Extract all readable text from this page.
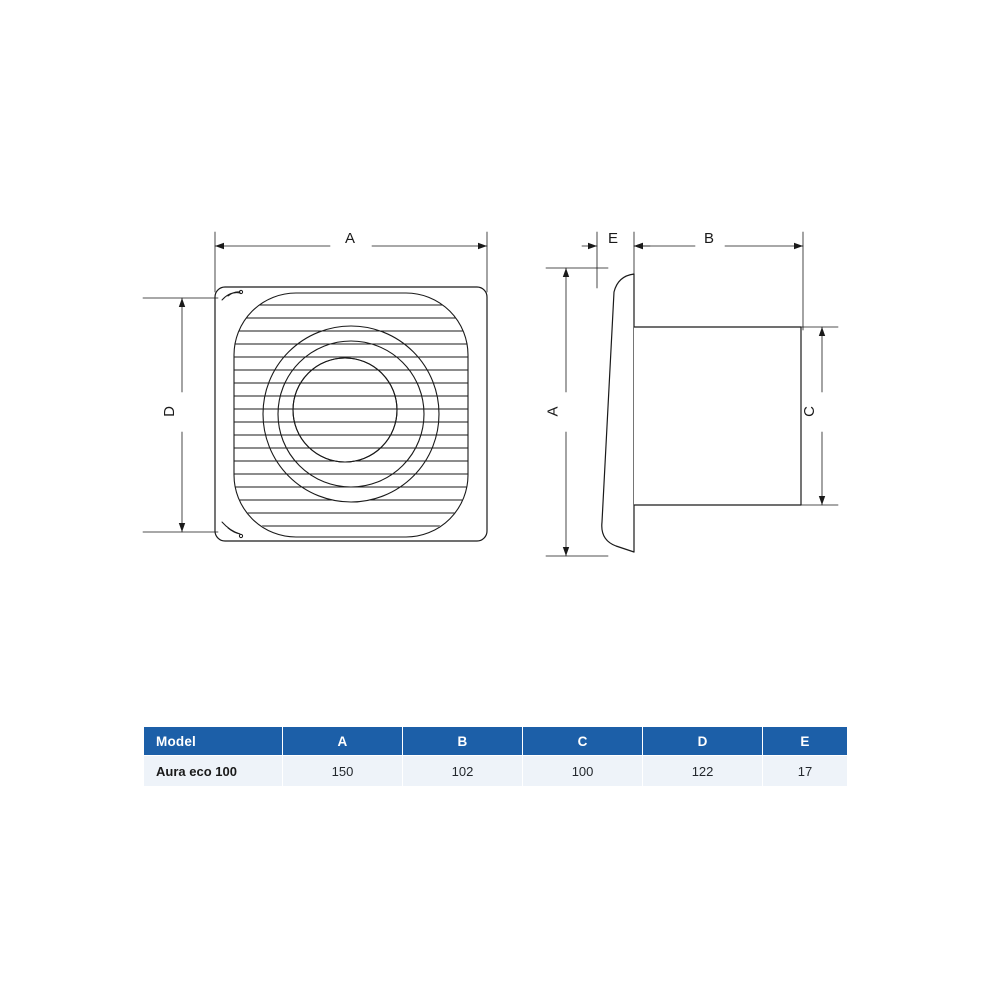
A
D
E	B
A	C
Model	A	B	C	D	E
Aura eco 100	150	102	100	122	17
